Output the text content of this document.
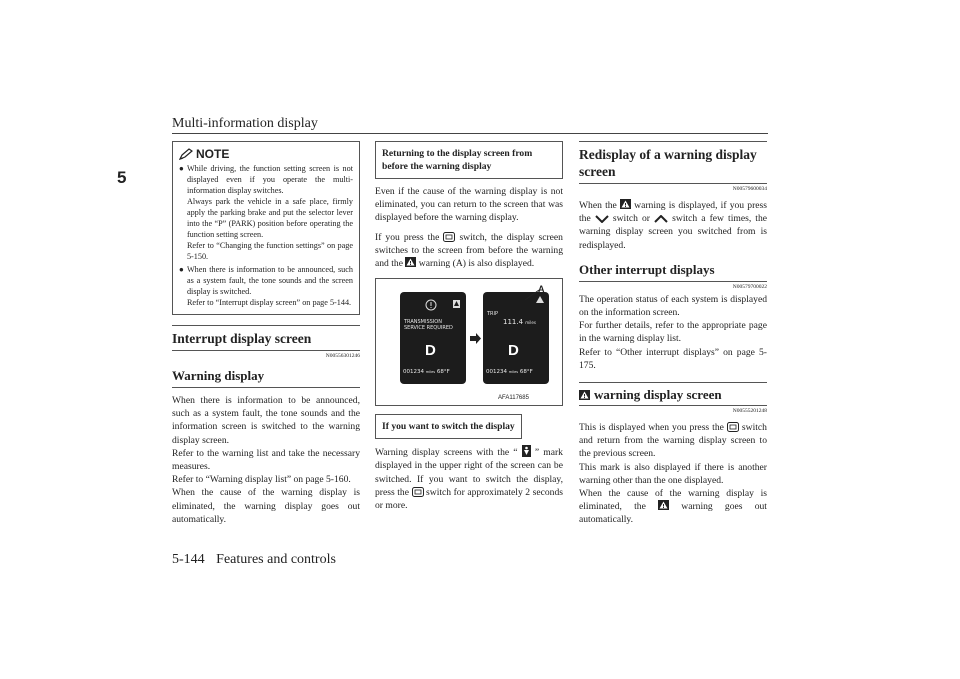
Multi-information display
5
NOTE
● While driving, the function setting screen is not displayed even if you operate the multi-information display switches.
Always park the vehicle in a safe place, firmly apply the parking brake and put the selector lever into the “P” (PARK) position before operating the function setting screen.
Refer to “Changing the function settings” on page 5-150.
● When there is information to be announced, such as a system fault, the tone sounds and the screen display is switched.
Refer to “Interrupt display screen” on page 5-144.
Interrupt display screen
N00556301246
Warning display
When there is information to be announced, such as a system fault, the tone sounds and the information screen is switched to the warning display screen.
Refer to the warning list and take the necessary measures.
Refer to “Warning display list” on page 5-160.
When the cause of the warning display is eliminated, the warning display goes out automatically.
Returning to the display screen from before the warning display
Even if the cause of the warning display is not eliminated, you can return to the screen that was displayed before the warning display.
If you press the switch, the display screen switches to the screen from before the warning and the warning (A) is also displayed.
TRANSMISSION
SERVICE REQUIRED
D
001234 miles 68°F
TRIP
111.4 miles
D
001234 miles 68°F
A
AFA117685
If you want to switch the display
Warning display screens with the “ ” mark displayed in the upper right of the screen can be switched. If you want to switch the display, press the switch for approximately 2 seconds or more.
Redisplay of a warning display screen
N00579600034
When the warning is displayed, if you press the switch or switch a few times, the warning display screen you switched from is redisplayed.
Other interrupt displays
N00579700022
The operation status of each system is displayed on the information screen.
For further details, refer to the appropriate page in the warning display list.
Refer to “Other interrupt displays” on page 5-175.
warning display screen
N00555201248
This is displayed when you press the switch and return from the warning display screen to the previous screen.
This mark is also displayed if there is another warning other than the one displayed.
When the cause of the warning display is eliminated, the	warning goes out automatically.
5-144 Features and controls
